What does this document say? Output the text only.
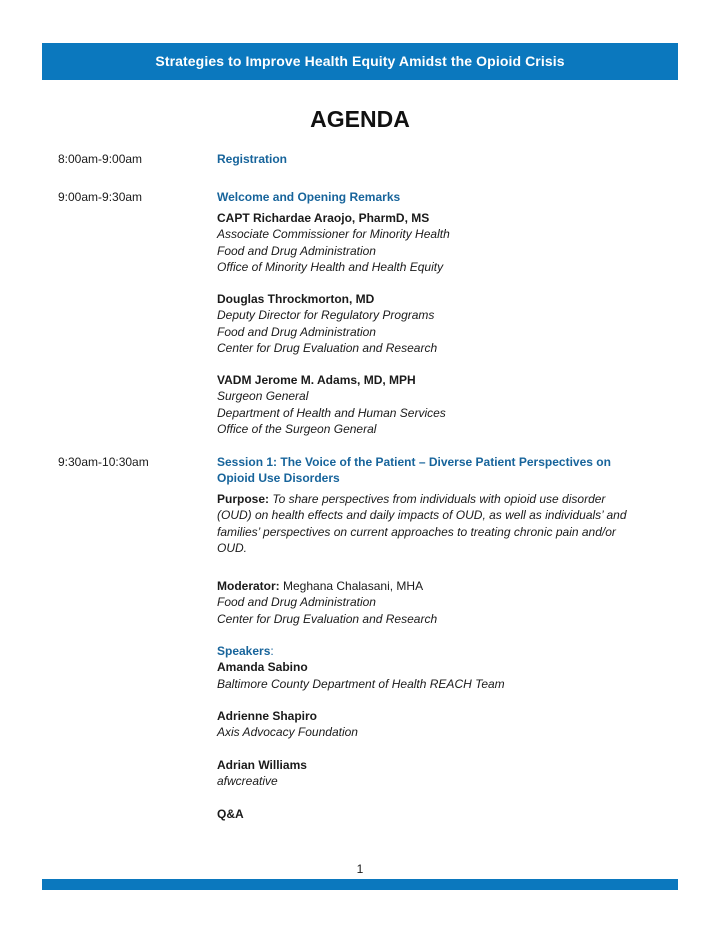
Strategies to Improve Health Equity Amidst the Opioid Crisis
AGENDA
8:00am-9:00am	Registration
9:00am-9:30am	Welcome and Opening Remarks
CAPT Richardae Araojo, PharmD, MS
Associate Commissioner for Minority Health
Food and Drug Administration
Office of Minority Health and Health Equity
Douglas Throckmorton, MD
Deputy Director for Regulatory Programs
Food and Drug Administration
Center for Drug Evaluation and Research
VADM Jerome M. Adams, MD, MPH
Surgeon General
Department of Health and Human Services
Office of the Surgeon General
9:30am-10:30am	Session 1: The Voice of the Patient – Diverse Patient Perspectives on
Opioid Use Disorders
Purpose: To share perspectives from individuals with opioid use disorder
(OUD) on health effects and daily impacts of OUD, as well as individuals’ and
families’ perspectives on current approaches to treating chronic pain and/or
OUD.
Moderator: Meghana Chalasani, MHA
Food and Drug Administration
Center for Drug Evaluation and Research
Speakers:
Amanda Sabino
Baltimore County Department of Health REACH Team
Adrienne Shapiro
Axis Advocacy Foundation
Adrian Williams
afwcreative
Q&A
1
